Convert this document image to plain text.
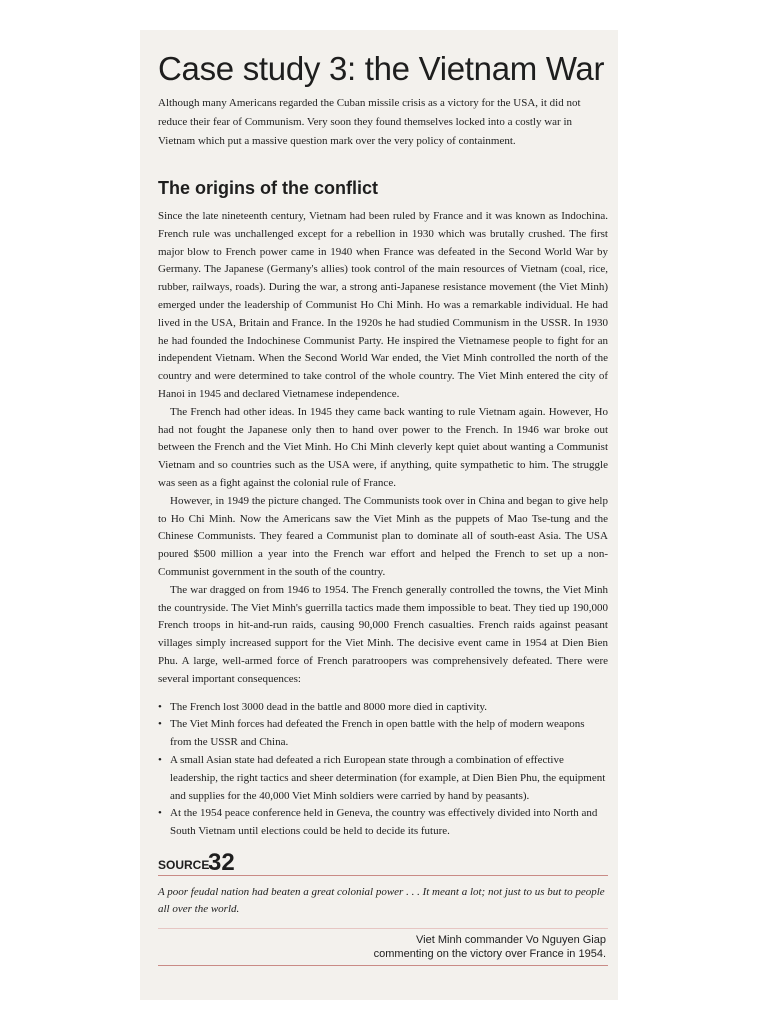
Case study 3: the Vietnam War

Although many Americans regarded the Cuban missile crisis as a victory for the USA, it did not reduce their fear of Communism. Very soon they found themselves locked into a costly war in Vietnam which put a massive question mark over the very policy of containment.

The origins of the conflict

Since the late nineteenth century, Vietnam had been ruled by France and it was known as Indochina. French rule was unchallenged except for a rebellion in 1930 which was brutally crushed. The first major blow to French power came in 1940 when France was defeated in the Second World War by Germany. The Japanese (Germany's allies) took control of the main resources of Vietnam (coal, rice, rubber, railways, roads). During the war, a strong anti-Japanese resistance movement (the Viet Minh) emerged under the leadership of Communist Ho Chi Minh. Ho was a remarkable individual. He had lived in the USA, Britain and France. In the 1920s he had studied Communism in the USSR. In 1930 he had founded the Indochinese Communist Party. He inspired the Vietnamese people to fight for an independent Vietnam. When the Second World War ended, the Viet Minh controlled the north of the country and were determined to take control of the whole country. The Viet Minh entered the city of Hanoi in 1945 and declared Vietnamese independence.

The French had other ideas. In 1945 they came back wanting to rule Vietnam again. However, Ho had not fought the Japanese only then to hand over power to the French. In 1946 war broke out between the French and the Viet Minh. Ho Chi Minh cleverly kept quiet about wanting a Communist Vietnam and so countries such as the USA were, if anything, quite sympathetic to him. The struggle was seen as a fight against the colonial rule of France.

However, in 1949 the picture changed. The Communists took over in China and began to give help to Ho Chi Minh. Now the Americans saw the Viet Minh as the puppets of Mao Tse-tung and the Chinese Communists. They feared a Communist plan to dominate all of south-east Asia. The USA poured $500 million a year into the French war effort and helped the French to set up a non-Communist government in the south of the country.

The war dragged on from 1946 to 1954. The French generally controlled the towns, the Viet Minh the countryside. The Viet Minh's guerrilla tactics made them impossible to beat. They tied up 190,000 French troops in hit-and-run raids, causing 90,000 French casualties. French raids against peasant villages simply increased support for the Viet Minh. The decisive event came in 1954 at Dien Bien Phu. A large, well-armed force of French paratroopers was comprehensively defeated. There were several important consequences:

• The French lost 3000 dead in the battle and 8000 more died in captivity.
• The Viet Minh forces had defeated the French in open battle with the help of modern weapons from the USSR and China.
• A small Asian state had defeated a rich European state through a combination of effective leadership, the right tactics and sheer determination (for example, at Dien Bien Phu, the equipment and supplies for the 40,000 Viet Minh soldiers were carried by hand by peasants).
• At the 1954 peace conference held in Geneva, the country was effectively divided into North and South Vietnam until elections could be held to decide its future.
SOURCE
32

A poor feudal nation had beaten a great colonial power . . . It meant a lot; not just to us but to people all over the world.

Viet Minh commander Vo Nguyen Giap
commenting on the victory over France in 1954.
